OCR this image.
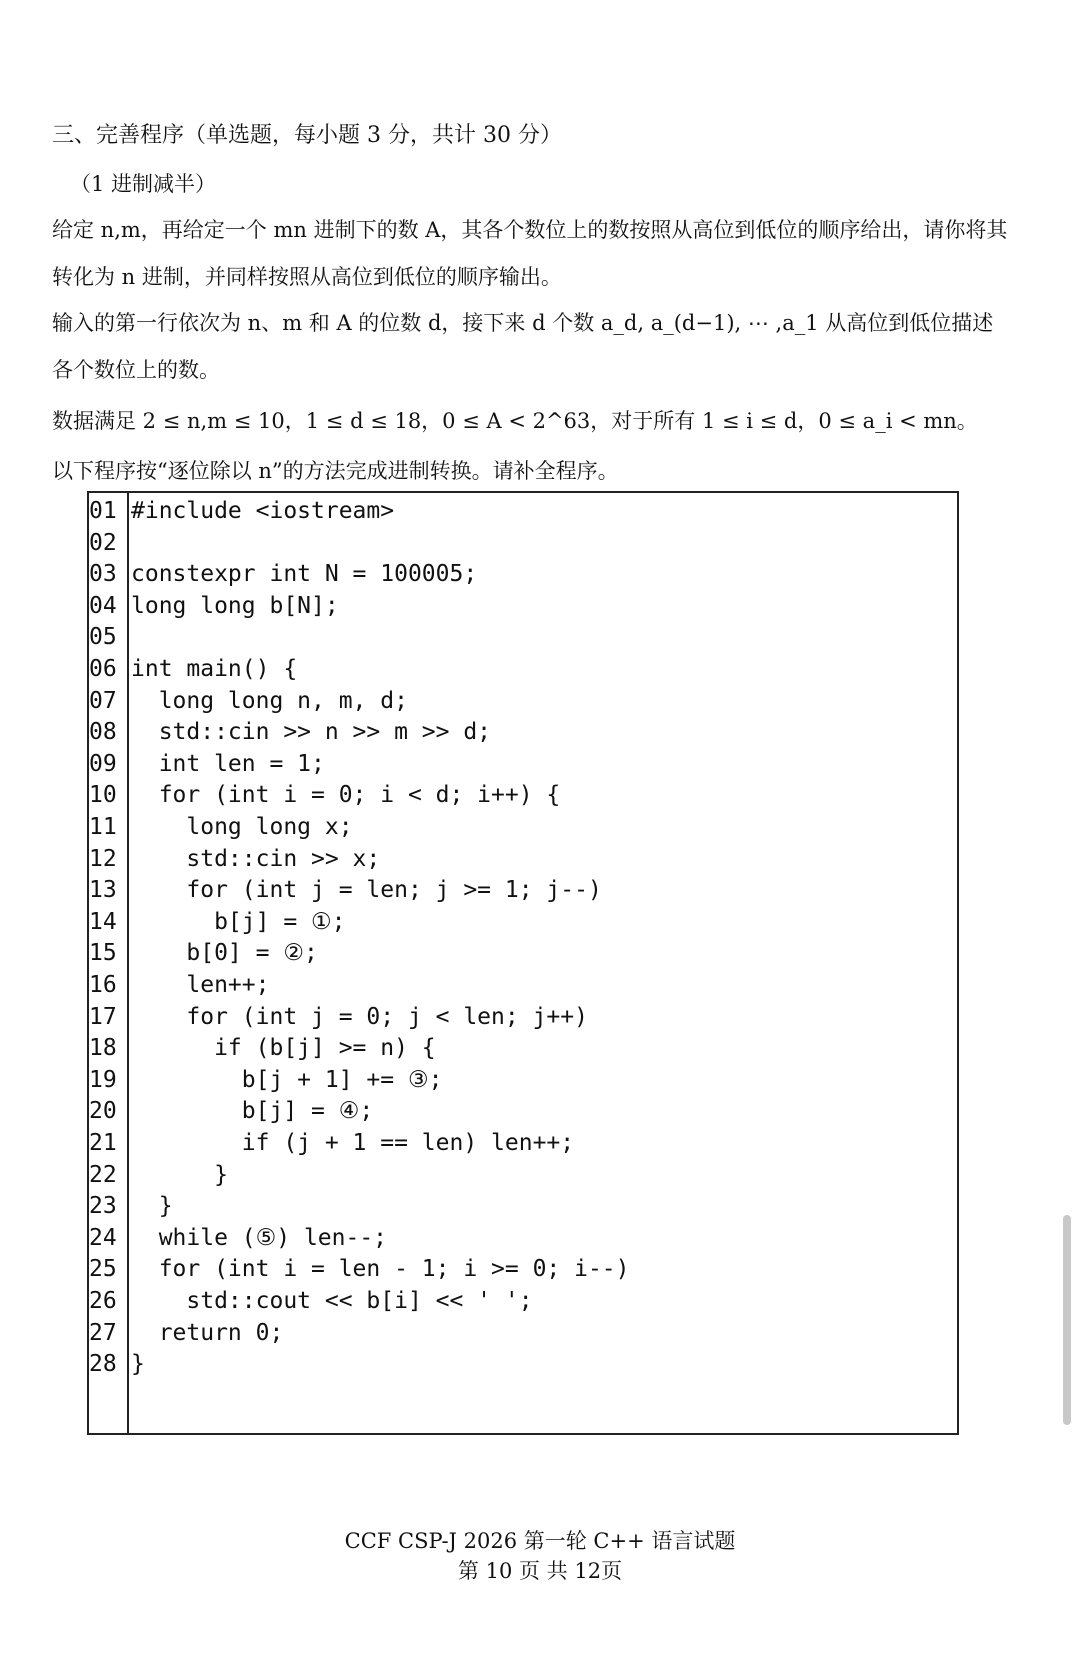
三、完善程序（单选题，每小题 3 分，共计 30 分）
（1 进制减半）

给定 n,m，再给定一个 mn 进制下的数 A，其各个数位上的数按照从高位到低位的顺序给出，请你将其转化为 n 进制，并同样按照从高位到低位的顺序输出。

输入的第一行依次为 n、m 和 A 的位数 d，接下来 d 个数 a_d, a_(d−1), ⋯ ,a_1 从高位到低位描述各个数位上的数。

数据满足 2 ≤ n,m ≤ 10，1 ≤ d ≤ 18，0 ≤ A < 2^63，对于所有 1 ≤ i ≤ d，0 ≤ a_i < mn。

以下程序按“逐位除以 n”的方法完成进制转换。请补全程序。

01 #include <iostream>
02
03 constexpr int N = 100005;
04 long long b[N];
05
06 int main() {
07 long long n, m, d;
08 std::cin >> n >> m >> d;
09 int len = 1;
10 for (int i = 0; i < d; i++) {
11 long long x;
12 std::cin >> x;
13 for (int j = len; j >= 1; j--)
14 b[j] = ①;
15 b[0] = ②;
16 len++;
17 for (int j = 0; j < len; j++)
18 if (b[j] >= n) {
19 b[j + 1] += ③;
20 b[j] = ④;
21 if (j + 1 == len) len++;
22 }
23 }
24 while (⑤) len--;
25 for (int i = len - 1; i >= 0; i--)
26 std::cout << b[i] << ' ';
27 return 0;
28 }
CCF CSP-J 2026 第一轮 C++ 语言试题
第 10 页 共 12页
